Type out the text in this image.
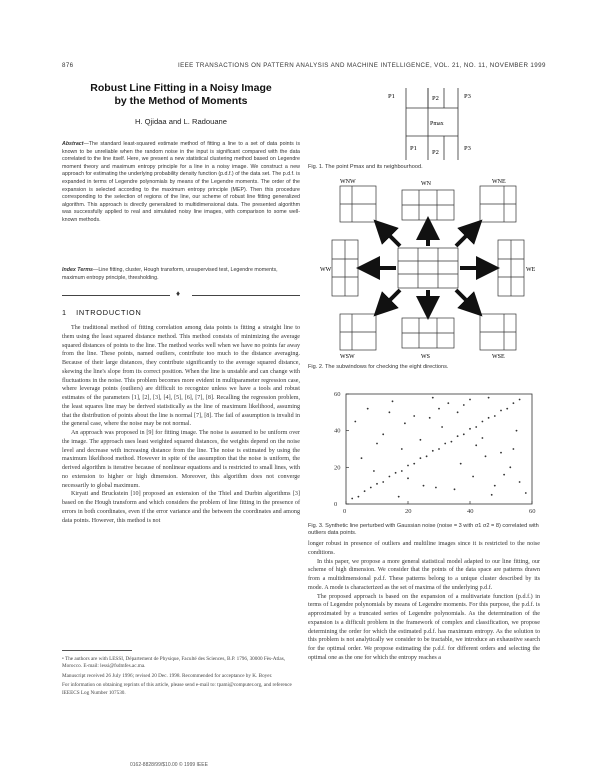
876	IEEE TRANSACTIONS ON PATTERN ANALYSIS AND MACHINE INTELLIGENCE, VOL. 21, NO. 11, NOVEMBER 1999
Robust Line Fitting in a Noisy Image
by the Method of Moments
H. Qjidaa and L. Radouane
Abstract—The standard least-squared estimate method of fitting a line to a set of data points is known to be unreliable when the random noise in the input is significant compared with the data correlated to the line itself. Here, we present a new statistical clustering method based on Legendre moment theory and maximum entropy principle for a line in a noisy image. We construct a new approach for estimating the underlying probability density function (p.d.f.) of the data set. The p.d.f. is expanded in terms of Legendre polynomials by means of the Legendre moments. The order of the expansion is selected according to the maximum entropy principle (MEP). Then this procedure corresponding to the selection of regions of the line, our scheme of robust line fitting generalized algorithm. This approach is directly generalized to multidimensional data. The presented algorithm was successfully applied to real and simulated noisy line images, with comparison to some well-known methods.
Index Terms—Line fitting, cluster, Hough transform, unsupervised test, Legendre moments, maximum entropy principle, thresholding.
♦
1 INTRODUCTION

The traditional method of fitting correlation among data points is fitting a straight line to them using the least squared distance method. This method consists of minimizing the average squared distances of points to the line. The method works well when we have no points far away from the line. These points, named outliers, contribute too much to the distance averaging. Because of their large distances, they contribute significantly to the average squared distance, skewing the line's slope from its correct position. When the line is unstable and can change with fluctuations in the noise. This problem becomes more evident in multiparameter regression case, where leverage points (outliers) are difficult to recognize unless we have a tools and robust estimates of the parameters [1], [2], [3], [4], [5], [6], [7], [8]. Recalling the regression problem, the least squares line may be derived statistically as the line of maximum likelihood, assuming that the distribution of points about the line is normal [7], [8]. The fail of assumption is invalid in the general case, where the noise may be not normal.

An approach was proposed in [9] for fitting image. The noise is assumed to be uniform over the image. The approach uses least weighted squared distances, the weights depend on the noise level and decrease with increasing distance from the line. The noise is estimated by using the maximum likelihood method. However in spite of the assumption that the noise is uniform, the derived algorithm is iterative because of nonlinear equations and is restricted to small lines, with no extension to higher or high dimension. Moreover, this algorithm does not converge necessarily to global maximum.

Kiryati and Bruckstein [10] proposed an extension of the Thiel and Durbin algorithms [3] based on the Hough transform and which considers the problem of line fitting in the presence of errors in both coordinates, even if the error variance and the between the coordinates and among data points. However, this method is not

• The authors are with LESSI, Département de Physique, Faculté des Sciences, B.P. 1796, 30000 Fès-Atlas, Morocco. E-mail: lessi@fsdmfes.ac.ma.

Manuscript received 26 July 1996; revised 20 Dec. 1998. Recommended for acceptance by K. Boyer.

For information on obtaining reprints of this article, please send e-mail to: tpami@computer.org, and reference IEEECS Log Number 107530.

0162-8828/99/$10.00 © 1999 IEEE
P1	P2	P3
Pmax
P1
P2
P3
Fig. 1. The point Pmax and its neighbourhood.
WN
WS
WW	WE
WNW	WNE
WSW	WSE
Fig. 2. The subwindows for checking the eight directions.
0	20	40	60
0
20
40
60
Fig. 3. Synthetic line perturbed with Gaussian noise (noise = 3 with σ1 σ2 = 8) correlated with outliers data points.

longer robust in presence of outliers and multiline images since it is restricted to the noise conditions.

In this paper, we propose a more general statistical model adapted to our line fitting, our scheme of high dimension. We consider that the points of the data space are patterns drawn from a multidimensional p.d.f. These patterns belong to a unique cluster described by its mode. A mode is characterized as the set of maxima of the underlying p.d.f.

The proposed approach is based on the expansion of a multivariate function (p.d.f.) in terms of Legendre polynomials by means of Legendre moments. For this purpose, the p.d.f. is approximated by a truncated series of Legendre polynomials. As the determination of the expansion is a difficult problem in the framework of complex and classification, we propose determining the order for which the estimated p.d.f. has maximum entropy. As the solution to this problem is not analytically we consider to be tractable, we introduce an exhaustive search for the optimal order. We propose estimating the p.d.f. for different orders and selecting the optimal one as the one for which the entropy reaches a
